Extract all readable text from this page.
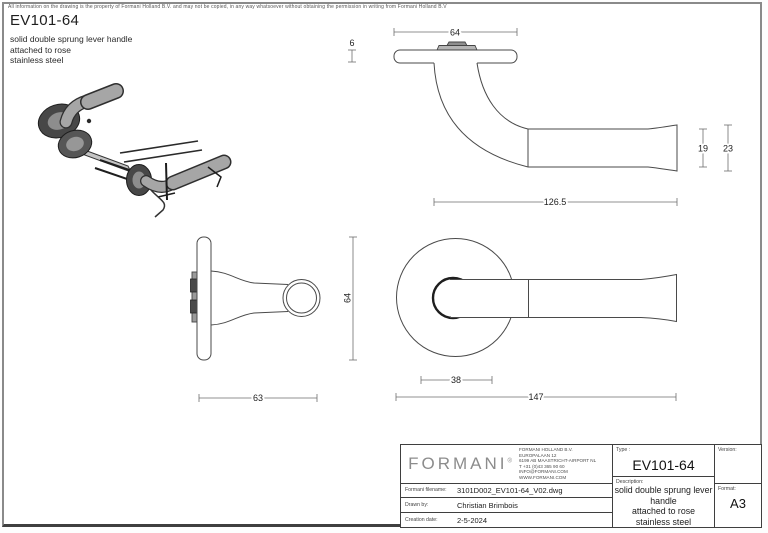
All information on the drawing is the property of Formani Holland B.V. and may not be copied, in any way whatsoever without obtaining the permission in writing from Formani Holland B.V
EV101-64
solid double sprung lever handle
attached to rose
stainless steel
64
6
19 23
126.5
64
63
38
147
FORMANI®
FORMANI HOLLAND B.V.
EUROPALAAN 12
6199 AB MAASTRICHT-AIRPORT NL
T +31 (0)43 365 90 60
INFO@FORMANI.COM
WWW.FORMANI.COM
Formani filename:	3101D002_EV101-64_V02.dwg
Drawn by:	Christian Brimbois
Creation date:	2-5-2024
Type :
EV101-64
Description:
solid double sprung lever
handle
attached to rose
stainless steel
Version:
Format:
A3
